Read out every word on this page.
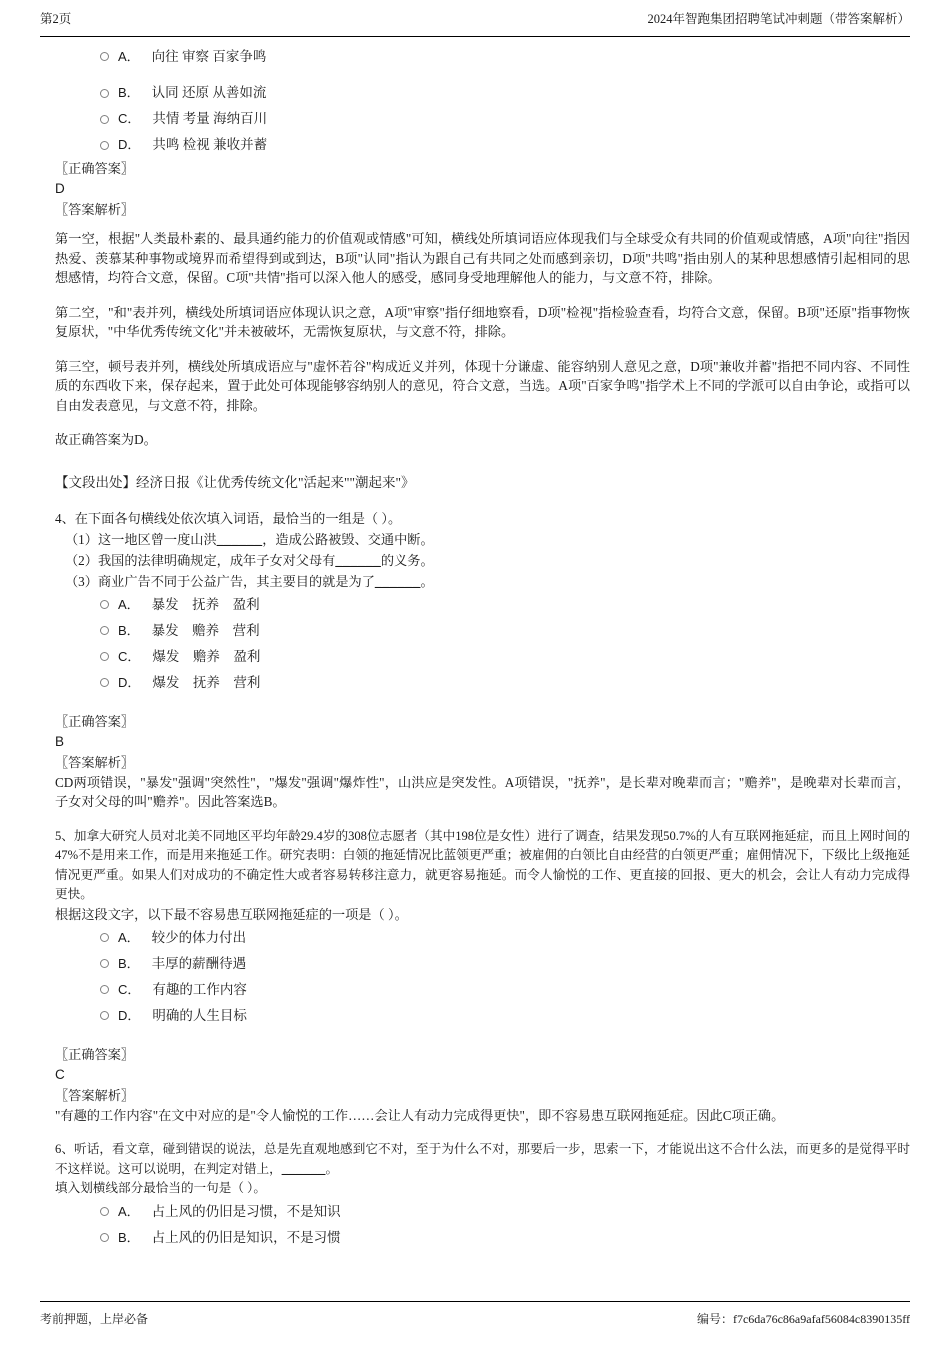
第2页	2024年智跑集团招聘笔试冲刺题（带答案解析）
A． 向往 审察 百家争鸣
B． 认同 还原 从善如流
C． 共情 考量 海纳百川
D． 共鸣 检视 兼收并蓄

〖正确答案〗

D

〖答案解析〗

第一空，根据"人类最朴素的、最具通约能力的价值观或情感"可知，横线处所填词语应体现我们与全球受众有共同的价值观或情感，A项"向往"指因热爱、羡慕某种事物或境界而希望得到或到达，B项"认同"指认为跟自己有共同之处而感到亲切，D项"共鸣"指由别人的某种思想感情引起相同的思想感情，均符合文意，保留。C项"共情"指可以深入他人的感受，感同身受地理解他人的能力，与文意不符，排除。

第二空，"和"表并列，横线处所填词语应体现认识之意，A项"审察"指仔细地察看，D项"检视"指检验查看，均符合文意，保留。B项"还原"指事物恢复原状，"中华优秀传统文化"并未被破坏，无需恢复原状，与文意不符，排除。

第三空，顿号表并列，横线处所填成语应与"虚怀若谷"构成近义并列，体现十分谦虚、能容纳别人意见之意，D项"兼收并蓄"指把不同内容、不同性质的东西收下来，保存起来，置于此处可体现能够容纳别人的意见，符合文意，当选。A项"百家争鸣"指学术上不同的学派可以自由争论，或指可以自由发表意见，与文意不符，排除。

故正确答案为D。

【文段出处】经济日报《让优秀传统文化"活起来""潮起来"》

4、在下面各句横线处依次填入词语，最恰当的一组是（ ）。

（1）这一地区曾一度山洪______，造成公路被毁、交通中断。

（2）我国的法律明确规定，成年子女对父母有______的义务。

（3）商业广告不同于公益广告，其主要目的就是为了______。

A． 暴发　抚养　盈利
B． 暴发　赡养　营利
C． 爆发　赡养　盈利
D． 爆发　抚养　营利

〖正确答案〗

B

〖答案解析〗

CD两项错误，"暴发"强调"突然性"，"爆发"强调"爆炸性"，山洪应是突发性。A项错误，"抚养"，是长辈对晚辈而言；"赡养"，是晚辈对长辈而言，子女对父母的叫"赡养"。因此答案选B。

5、加拿大研究人员对北美不同地区平均年龄29.4岁的308位志愿者（其中198位是女性）进行了调查，结果发现50.7%的人有互联网拖延症，而且上网时间的47%不是用来工作，而是用来拖延工作。研究表明：白领的拖延情况比蓝领更严重；被雇佣的白领比自由经营的白领更严重；雇佣情况下，下级比上级拖延情况更严重。如果人们对成功的不确定性大或者容易转移注意力，就更容易拖延。而令人愉悦的工作、更直接的回报、更大的机会，会让人有动力完成得更快。

根据这段文字，以下最不容易患互联网拖延症的一项是（ ）。

A． 较少的体力付出
B． 丰厚的薪酬待遇
C． 有趣的工作内容
D． 明确的人生目标

〖正确答案〗

C

〖答案解析〗

"有趣的工作内容"在文中对应的是"令人愉悦的工作……会让人有动力完成得更快"，即不容易患互联网拖延症。因此C项正确。

6、听话，看文章，碰到错误的说法，总是先直观地感到它不对，至于为什么不对，那要后一步，思索一下，才能说出这不合什么法，而更多的是觉得平时不这样说。这可以说明，在判定对错上，______。

填入划横线部分最恰当的一句是（ ）。

A． 占上风的仍旧是习惯，不是知识
B． 占上风的仍旧是知识，不是习惯
考前押题，上岸必备	编号：f7c6da76c86a9afaf56084c8390135ff
